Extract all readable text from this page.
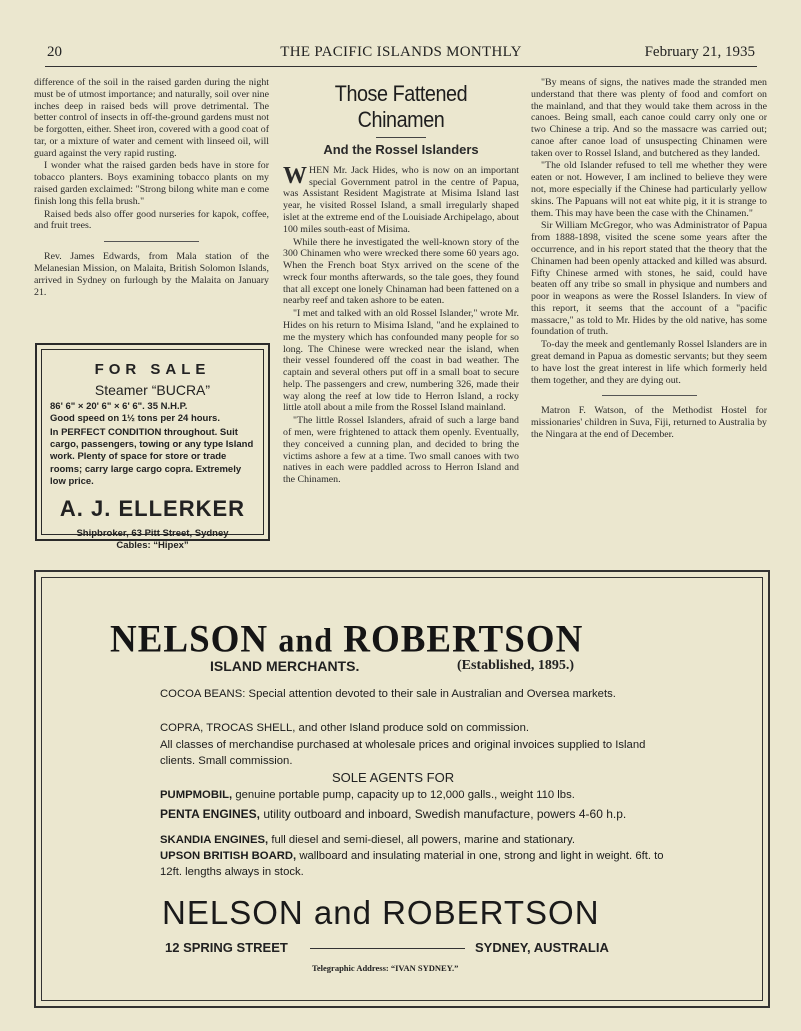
20	THE PACIFIC ISLANDS MONTHLY	February 21, 1935

difference of the soil in the raised garden during the night must be of utmost importance; and naturally, soil over nine inches deep in raised beds will prove detrimental. The better control of insects in off-the-ground gardens must not be forgotten, either. Sheet iron, covered with a good coat of tar, or a mixture of water and cement with linseed oil, will guard against the very rapid rusting.

I wonder what the raised garden beds have in store for tobacco planters. Boys examining tobacco plants on my raised garden exclaimed: "Strong bilong white man e come finish long this fella brush."

Raised beds also offer good nurseries for kapok, coffee, and fruit trees.

Rev. James Edwards, from Mala station of the Melanesian Mission, on Malaita, British Solomon Islands, arrived in Sydney on furlough by the Malaita on January 21.

FOR SALE
Steamer “BUCRA”
86' 6" × 20' 6" × 6' 6". 35 N.H.P.
Good speed on 1½ tons per 24 hours.
In PERFECT CONDITION throughout. Suit cargo, passengers, towing or any type Island work. Plenty of space for store or trade rooms; carry large cargo copra. Extremely low price.
A. J. ELLERKER
Shipbroker, 63 Pitt Street, Sydney
Cables: “Hipex”
Those Fattened Chinamen
And the Rossel Islanders

WHEN Mr. Jack Hides, who is now on an important special Government patrol in the centre of Papua, was Assistant Resident Magistrate at Misima Island last year, he visited Rossel Island, a small irregularly shaped islet at the extreme end of the Louisiade Archipelago, about 100 miles south-east of Misima.

While there he investigated the well-known story of the 300 Chinamen who were wrecked there some 60 years ago. When the French boat Styx arrived on the scene of the wreck four months afterwards, so the tale goes, they found that all except one lonely Chinaman had been fattened on a nearby reef and taken ashore to be eaten.

"I met and talked with an old Rossel Islander," wrote Mr. Hides on his return to Misima Island, "and he explained to me the mystery which has confounded many people for so long. The Chinese were wrecked near the island, when their vessel foundered off the coast in bad weather. The captain and several others put off in a small boat to secure help. The passengers and crew, numbering 326, made their way along the reef at low tide to Herron Island, a rocky little atoll about a mile from the Rossel Island mainland.

"The little Rossel Islanders, afraid of such a large band of men, were frightened to attack them openly. Eventually, they conceived a cunning plan, and decided to bring the victims ashore a few at a time. Two small canoes with two natives in each were paddled across to Herron Island and the Chinamen.

"By means of signs, the natives made the stranded men understand that there was plenty of food and comfort on the mainland, and that they would take them across in the canoes. Being small, each canoe could carry only one or two Chinese a trip. And so the massacre was carried out; canoe after canoe load of unsuspecting Chinamen were taken over to Rossel Island, and butchered as they landed.

"The old Islander refused to tell me whether they were eaten or not. However, I am inclined to believe they were not, more especially if the Chinese had particularly yellow skins. The Papuans will not eat white pig, it it is strange to them. This may have been the case with the Chinamen."

Sir William McGregor, who was Administrator of Papua from 1888-1898, visited the scene some years after the occurrence, and in his report stated that the theory that the Chinamen had been openly attacked and killed was absurd. Fifty Chinese armed with stones, he said, could have beaten off any tribe so small in physique and numbers and poor in weapons as were the Rossel Islanders. In view of this report, it seems that the account of a "pacific massacre," as told to Mr. Hides by the old native, has some foundation of truth.

To-day the meek and gentlemanly Rossel Islanders are in great demand in Papua as domestic servants; but they seem to have lost the great interest in life which formerly held them together, and they are dying out.

Matron F. Watson, of the Methodist Hostel for missionaries' children in Suva, Fiji, returned to Australia by the Ningara at the end of December.

NELSON and ROBERTSON
ISLAND MERCHANTS.	(Established, 1895.)
COCOA BEANS: Special attention devoted to their sale in Australian and Oversea markets.
COPRA, TROCAS SHELL, and other Island produce sold on commission.
All classes of merchandise purchased at wholesale prices and original invoices supplied to Island clients. Small commission.
SOLE AGENTS FOR
PUMPMOBIL, genuine portable pump, capacity up to 12,000 galls., weight 110 lbs.
PENTA ENGINES, utility outboard and inboard, Swedish manufacture, powers 4-60 h.p.
SKANDIA ENGINES, full diesel and semi-diesel, all powers, marine and stationary.
UPSON BRITISH BOARD, wallboard and insulating material in one, strong and light in weight. 6ft. to 12ft. lengths always in stock.
NELSON and ROBERTSON
12 SPRING STREET	SYDNEY, AUSTRALIA
Telegraphic Address: “IVAN SYDNEY.”
